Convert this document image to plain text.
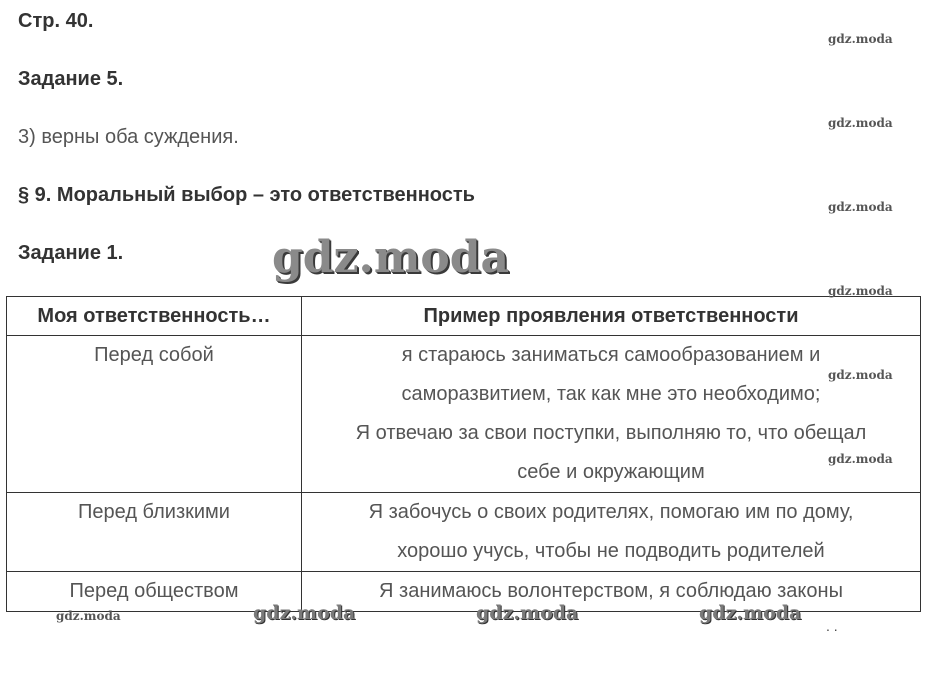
Стр. 40.
Задание 5.
3) верны оба суждения.
§ 9. Моральный выбор – это ответственность
Задание 1.
Моя ответственность…	Пример проявления ответственности
Перед собой	я стараюсь заниматься самообразованием и
саморазвитием, так как мне это необходимо;
Я отвечаю за свои поступки, выполняю то, что обещал
себе и окружающим

Перед близкими	Я забочусь о своих родителях, помогаю им по дому,
хорошо учусь, чтобы не подводить родителей

Перед обществом	Я занимаюсь волонтерством, я соблюдаю законы
gdz.moda
gdz.moda
gdz.moda
gdz.moda
gdz.moda
gdz.moda
gdz.moda
gdz.moda	gdz.moda	gdz.moda	gdz.moda
. .
